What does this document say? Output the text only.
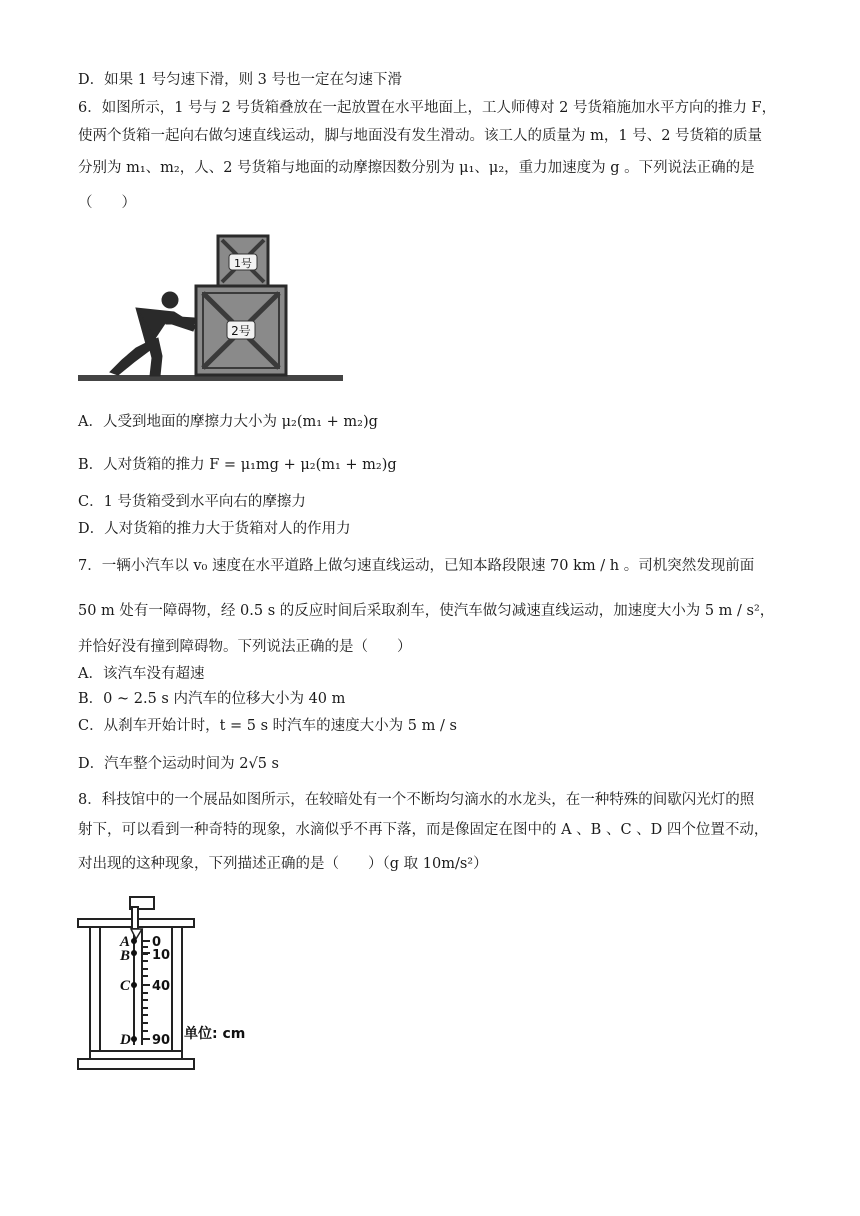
D．如果 1 号匀速下滑，则 3 号也一定在匀速下滑
6．如图所示，1 号与 2 号货箱叠放在一起放置在水平地面上，工人师傅对 2 号货箱施加水平方向的推力 F，
使两个货箱一起向右做匀速直线运动，脚与地面没有发生滑动。该工人的质量为 m，1 号、2 号货箱的质量
分别为 m₁、m₂，人、2 号货箱与地面的动摩擦因数分别为 μ₁、μ₂，重力加速度为 g 。下列说法正确的是
（　　）
2号
1号
A．人受到地面的摩擦力大小为 μ₂(m₁ + m₂)g
B．人对货箱的推力 F = μ₁mg + μ₂(m₁ + m₂)g
C．1 号货箱受到水平向右的摩擦力
D．人对货箱的推力大于货箱对人的作用力
7．一辆小汽车以 v₀ 速度在水平道路上做匀速直线运动，已知本路段限速 70 km / h 。司机突然发现前面
50 m 处有一障碍物，经 0.5 s 的反应时间后采取刹车，使汽车做匀减速直线运动，加速度大小为 5 m / s²，
并恰好没有撞到障碍物。下列说法正确的是（　　）
A．该汽车没有超速
B．0 ~ 2.5 s 内汽车的位移大小为 40 m
C．从刹车开始计时，t = 5 s 时汽车的速度大小为 5 m / s
D．汽车整个运动时间为 2√5 s
8．科技馆中的一个展品如图所示，在较暗处有一个不断均匀滴水的水龙头，在一种特殊的间歇闪光灯的照
射下，可以看到一种奇特的现象，水滴似乎不再下落，而是像固定在图中的 A 、B 、C 、D 四个位置不动，
对出现的这种现象，下列描述正确的是（　　）（g 取 10m/s²）
A
B
C
D
0
10
40
90 单位: cm
